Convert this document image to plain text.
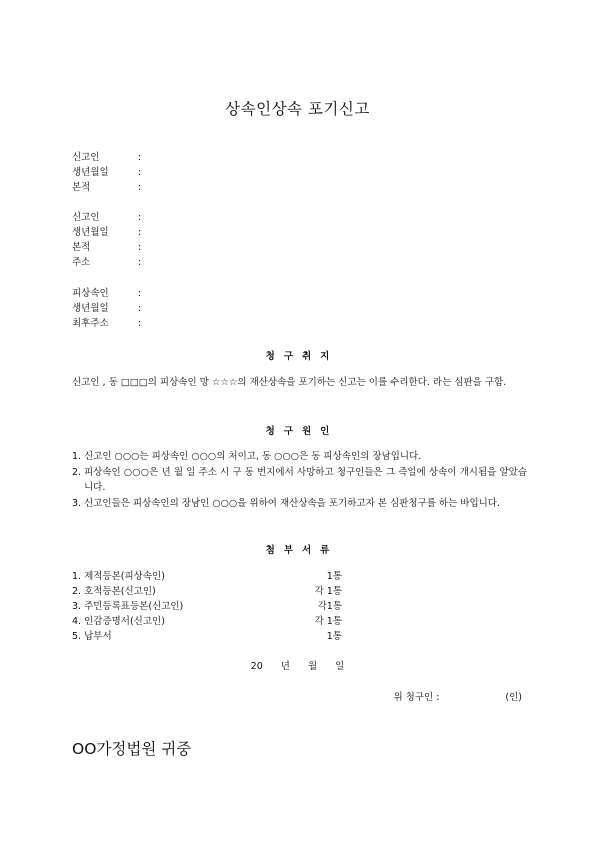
상속인상속 포기신고
신고인	:
생년월일	:
본적	:
신고인	:
생년월일	:
본적	:
주소	:
피상속인	:
생년월일	:
최후주소	:
청구취지

신고인 , 동 □□□의 피상속인 망 ☆☆☆의 재산상속을 포기하는 신고는 이를 수리한다. 라는 심판을 구함.

청구원인
1. 신고인 ○○○는 피상속인 ○○○의 처이고, 동 ○○○은 동 피상속인의 장남입니다.
2. 피상속인 ○○○은 년 월 일 주소 시 구 동 번지에서 사망하고 청구인들은 그 즉일에 상속이 개시됨을 알았습니다.
3. 신고인들은 피상속인의 장남인 ○○○을 위하여 재산상속을 포기하고자 본 심판청구를 하는 바입니다.
첨부서류
1. 제적등본(피상속인)	1통
2. 호적등본(신고인)	각 1통
3. 주민등록표등본(신고인)	각1통
4. 인감증명서(신고인)	각 1통
5. 납부서	1통
20 년 월 일
위 청구인 :	(인)
OO가정법원 귀중
